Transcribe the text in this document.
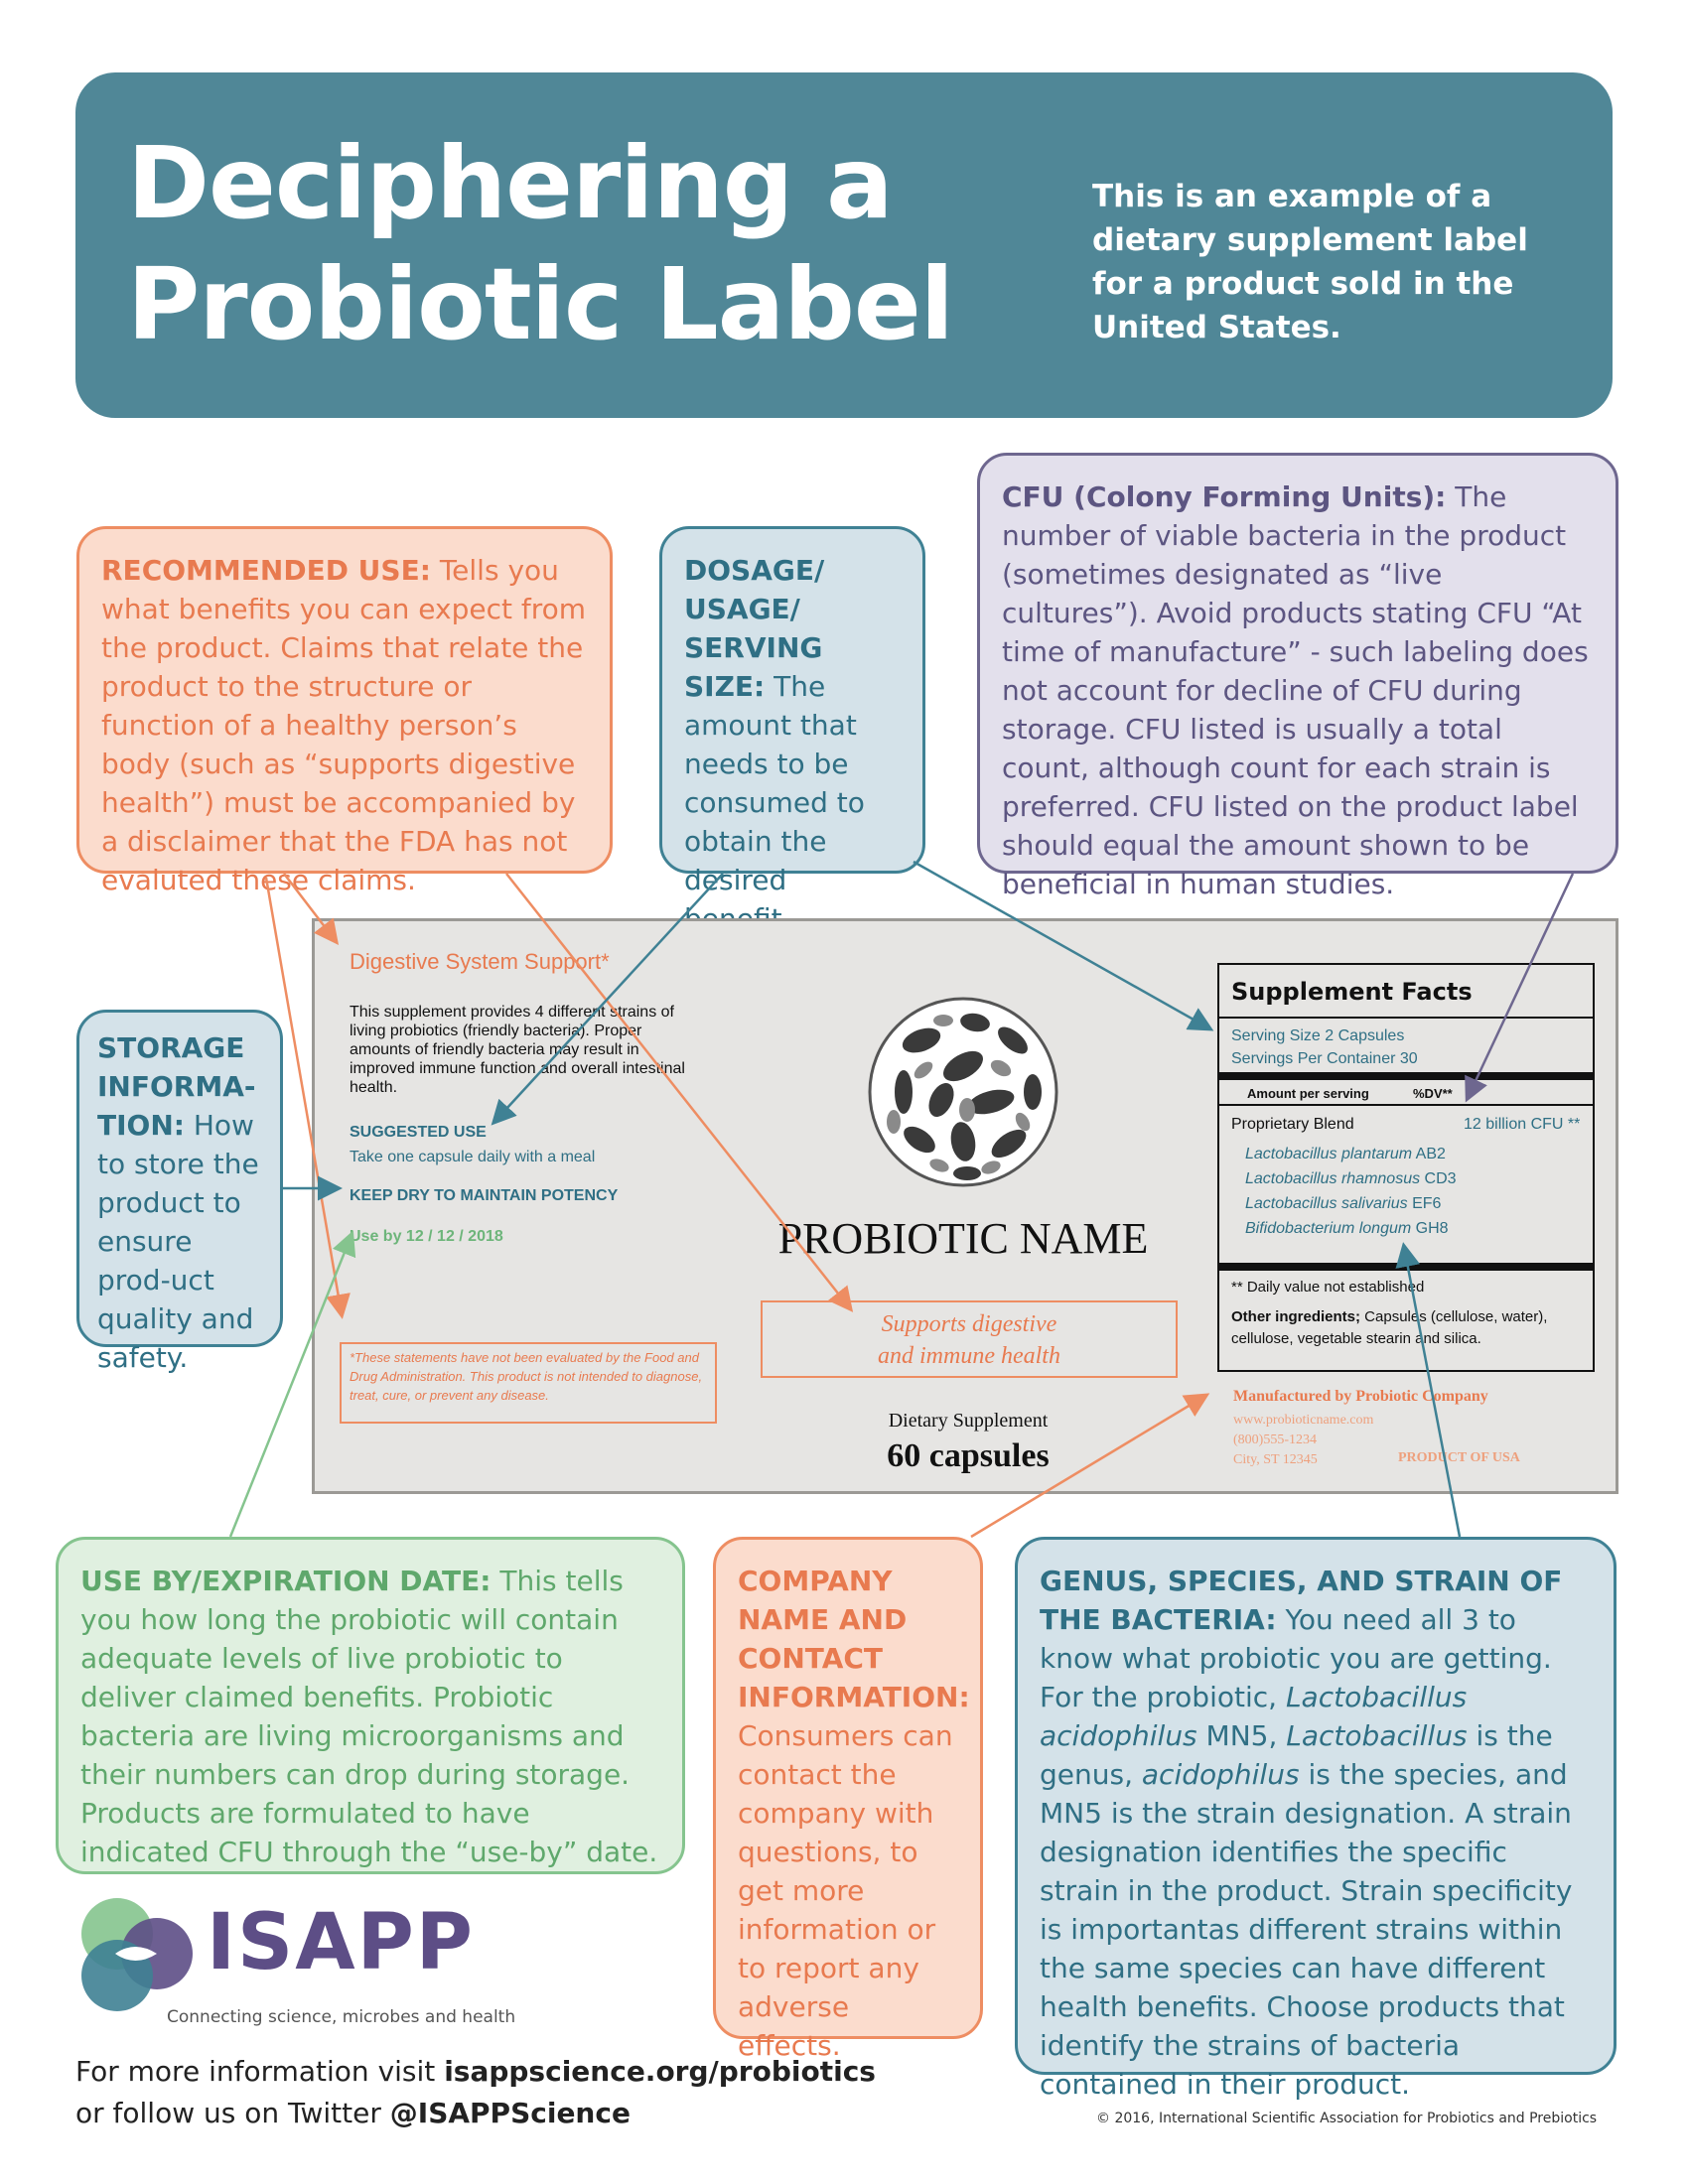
Deciphering a
Probiotic Label
This is an example of a dietary supplement label for a product sold in the United States.
RECOMMENDED USE: Tells you what benefits you can expect from the product. Claims that relate the product to the structure or function of a healthy person’s body (such as “supports digestive health”) must be accompanied by a disclaimer that the FDA has not evaluted these claims.
DOSAGE/ USAGE/ SERVING SIZE: The amount that needs to be consumed to obtain the desired
CFU (Colony Forming Units): The number of viable bacteria in the product (sometimes designated as “live cultures”). Avoid products stating CFU “At time of manufacture” - such labeling does not account for decline of CFU during storage. CFU listed is usually a total count, although count for each strain is preferred. CFU listed on the product label should equal the amount shown to be beneficial in human studies.
STORAGE INFORMA-TION: How to store the product to ensure prod-uct quality and safety.
Digestive System Support*
This supplement provides 4 different strains of living probiotics (friendly bacteria). Proper amounts of friendly bacteria may result in improved immune function and overall intestinal health.
SUGGESTED USE
Take one capsule daily with a meal
KEEP DRY TO MAINTAIN POTENCY
Use by 12 / 12 / 2018
*These statements have not been evaluated by the Food and Drug Administration. This product is not intended to diagnose, treat, cure, or prevent any disease.
PROBIOTIC NAME
Supports digestive
and immune health
Dietary Supplement
60 capsules
Supplement Facts
Serving Size 2 Capsules
Servings Per Container 30
Amount per serving	%DV**
Proprietary Blend	12 billion CFU **
Lactobacillus plantarum AB2
Lactobacillus rhamnosus CD3
Lactobacillus salivarius EF6
Bifidobacterium longum GH8
** Daily value not established
Other ingredients; Capsules (cellulose, water), cellulose, vegetable stearin and silica.
Manufactured by Probiotic Company
www.probioticname.com
(800)555-1234
City, ST 12345	PRODUCT OF USA
USE BY/EXPIRATION DATE: This tells you how long the probiotic will contain adequate levels of live probiotic to deliver claimed benefits. Probiotic bacteria are living microorganisms and their numbers can drop during storage. Products are formulated to have indicated CFU through the “use-by” date.
COMPANY NAME AND CONTACT INFORMATION: Consumers can contact the company with questions, to get more information or to report any adverse effects.
GENUS, SPECIES, AND STRAIN OF THE BACTERIA: You need all 3 to know what probiotic you are getting. For the probiotic, Lactobacillus acidophilus MN5, Lactobacillus is the genus, acidophilus is the species, and MN5 is the strain designation. A strain designation identifies the specific strain in the product. Strain specificity is importantas different strains within the same species can have different health benefits. Choose products that identify the strains of bacteria contained in their product.
ISAPP
Connecting science, microbes and health
For more information visit isappscience.org/probiotics
or follow us on Twitter @ISAPPScience	© 2016, International Scientific Association for Probiotics and Prebiotics
